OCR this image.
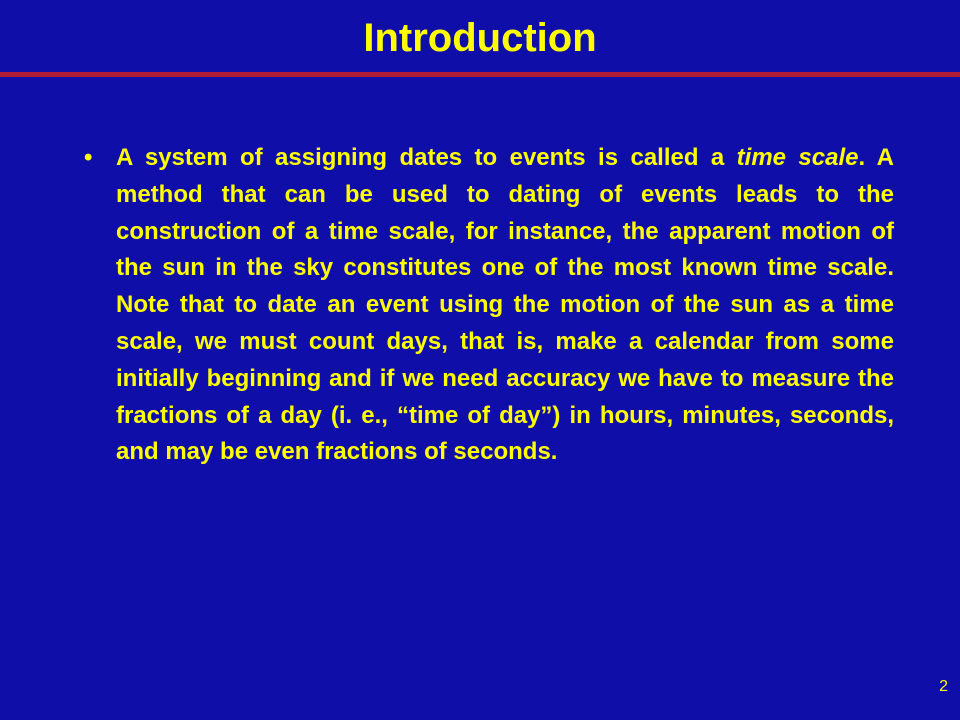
Introduction
• A system of assigning dates to events is called a time scale. A method that can be used to dating of events leads to the construction of a time scale, for instance, the apparent motion of the sun in the sky constitutes one of the most known time scale. Note that to date an event using the motion of the sun as a time scale, we must count days, that is, make a calendar from some initially beginning and if we need accuracy we have to measure the fractions of a day (i. e., “time of day”) in hours, minutes, seconds, and may be even fractions of seconds.
2
